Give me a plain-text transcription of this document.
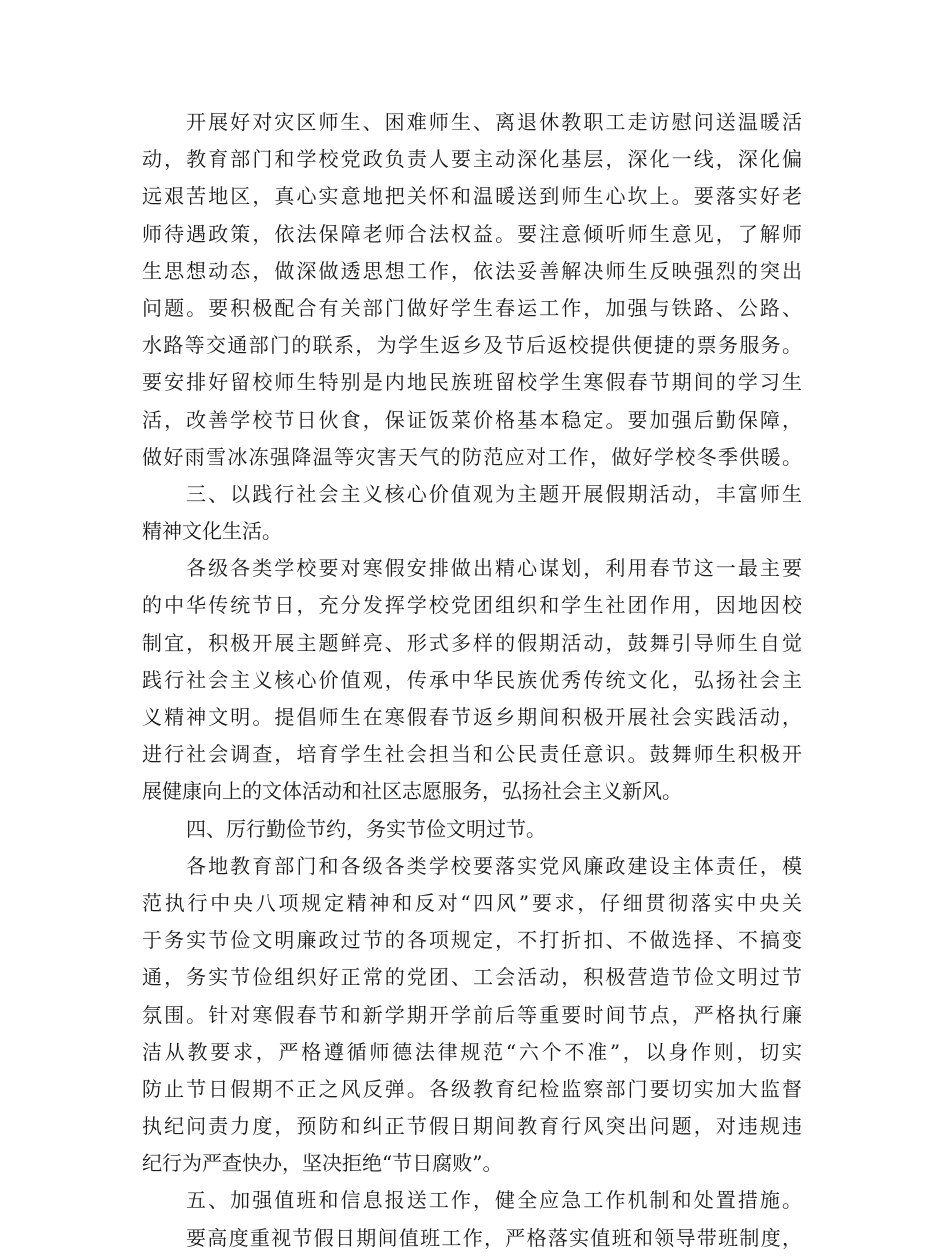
开展好对灾区师生、困难师生、离退休教职工走访慰问送温暖活
动，教育部门和学校党政负责人要主动深化基层，深化一线，深化偏
远艰苦地区，真心实意地把关怀和温暖送到师生心坎上。要落实好老
师待遇政策，依法保障老师合法权益。要注意倾听师生意见，了解师
生思想动态，做深做透思想工作，依法妥善解决师生反映强烈的突出
问题。要积极配合有关部门做好学生春运工作，加强与铁路、公路、
水路等交通部门的联系，为学生返乡及节后返校提供便捷的票务服务。
要安排好留校师生特别是内地民族班留校学生寒假春节期间的学习生
活，改善学校节日伙食，保证饭菜价格基本稳定。要加强后勤保障，
做好雨雪冰冻强降温等灾害天气的防范应对工作，做好学校冬季供暖。
三、以践行社会主义核心价值观为主题开展假期活动，丰富师生
精神文化生活。
各级各类学校要对寒假安排做出精心谋划，利用春节这一最主要
的中华传统节日，充分发挥学校党团组织和学生社团作用，因地因校
制宜，积极开展主题鲜亮、形式多样的假期活动，鼓舞引导师生自觉
践行社会主义核心价值观，传承中华民族优秀传统文化，弘扬社会主
义精神文明。提倡师生在寒假春节返乡期间积极开展社会实践活动，
进行社会调查，培育学生社会担当和公民责任意识。鼓舞师生积极开
展健康向上的文体活动和社区志愿服务，弘扬社会主义新风。
四、厉行勤俭节约，务实节俭文明过节。
各地教育部门和各级各类学校要落实党风廉政建设主体责任，模
范执行中央八项规定精神和反对“四风”要求，仔细贯彻落实中央关
于务实节俭文明廉政过节的各项规定，不打折扣、不做选择、不搞变
通，务实节俭组织好正常的党团、工会活动，积极营造节俭文明过节
氛围。针对寒假春节和新学期开学前后等重要时间节点，严格执行廉
洁从教要求，严格遵循师德法律规范“六个不准”，以身作则，切实
防止节日假期不正之风反弹。各级教育纪检监察部门要切实加大监督
执纪问责力度，预防和纠正节假日期间教育行风突出问题，对违规违
纪行为严查快办，坚决拒绝“节日腐败”。
五、加强值班和信息报送工作，健全应急工作机制和处置措施。
要高度重视节假日期间值班工作，严格落实值班和领导带班制度，
